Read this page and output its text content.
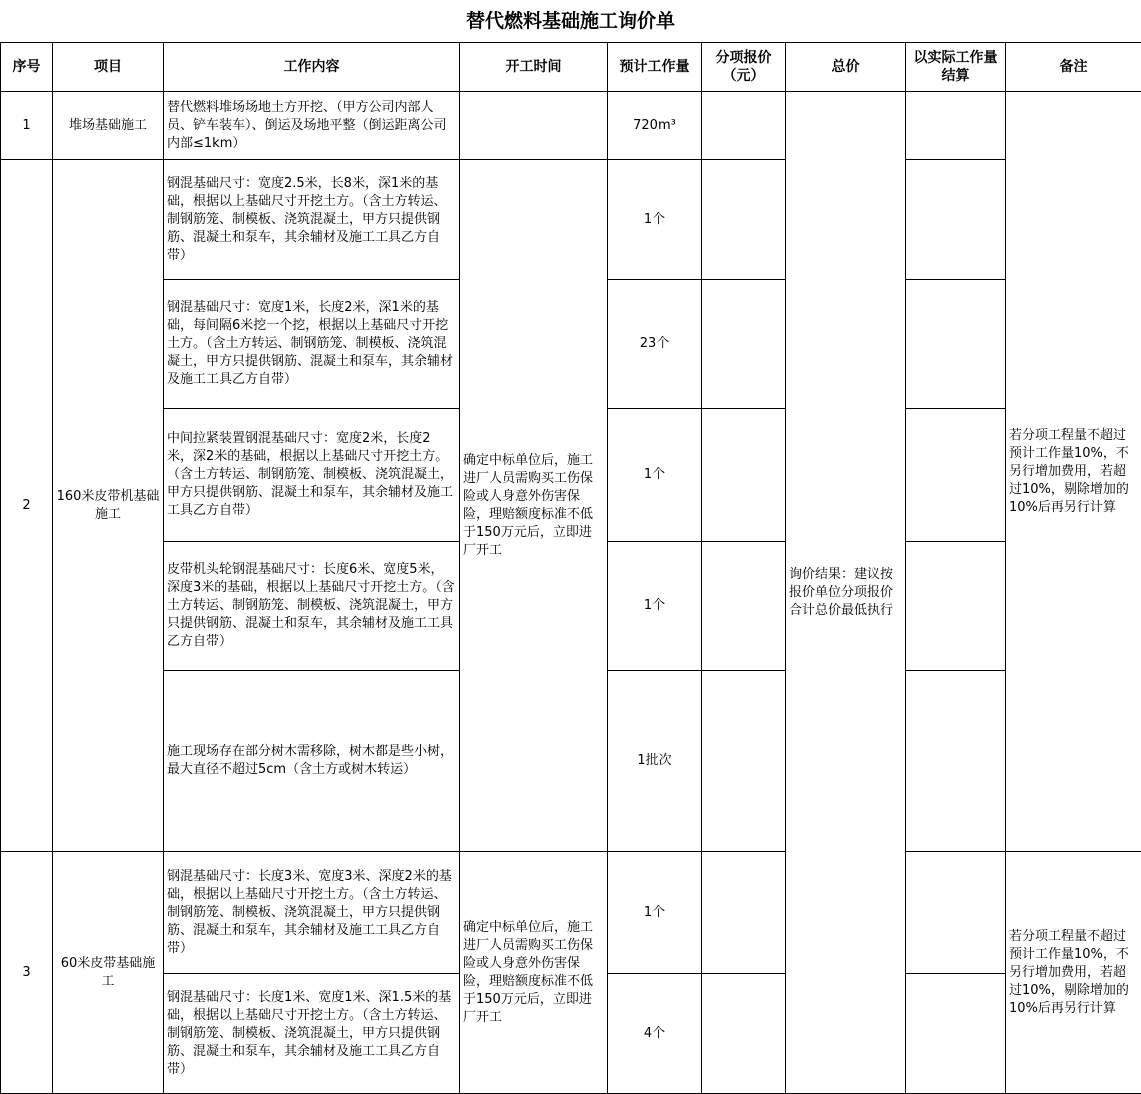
替代燃料基础施工询价单
序号	项目	工作内容	开工时间	预计工作量	分项报价（元）	总价	以实际工作量结算	备注	
1	堆场基础施工	替代燃料堆场场地土方开挖、（甲方公司内部人员、铲车装车）、倒运及场地平整（倒运距离公司内部≤1km）		720m³		询价结果：建议按报价单位分项报价合计总价最低执行		若分项工程量不超过预计工作量10%，不另行增加费用，若超过10%，剔除增加的10%后再另行计算	
2	160米皮带机基础施工	钢混基础尺寸：宽度2.5米，长8米，深1米的基础，根据以上基础尺寸开挖土方。（含土方转运、制钢筋笼、制模板、浇筑混凝土，甲方只提供钢筋、混凝土和泵车，其余辅材及施工工具乙方自带）	确定中标单位后，施工进厂人员需购买工伤保险或人身意外伤害保险，理赔额度标准不低于150万元后，立即进厂开工	1个					
		钢混基础尺寸：宽度1米，长度2米，深1米的基础，每间隔6米挖一个挖，根据以上基础尺寸开挖土方。（含土方转运、制钢筋笼、制模板、浇筑混凝土，甲方只提供钢筋、混凝土和泵车，其余辅材及施工工具乙方自带）		23个					
		中间拉紧装置钢混基础尺寸：宽度2米，长度2米，深2米的基础，根据以上基础尺寸开挖土方。（含土方转运、制钢筋笼、制模板、浇筑混凝土，甲方只提供钢筋、混凝土和泵车，其余辅材及施工工具乙方自带）		1个					
		皮带机头轮钢混基础尺寸：长度6米、宽度5米，深度3米的基础，根据以上基础尺寸开挖土方。（含土方转运、制钢筋笼、制模板、浇筑混凝土，甲方只提供钢筋、混凝土和泵车，其余辅材及施工工具乙方自带）		1个					
		施工现场存在部分树木需移除，树木都是些小树，最大直径不超过5cm（含土方或树木转运）		1批次			
3	60米皮带基础施工	钢混基础尺寸：长度3米、宽度3米、深度2米的基础，根据以上基础尺寸开挖土方。（含土方转运、制钢筋笼、制模板、浇筑混凝土，甲方只提供钢筋、混凝土和泵车，其余辅材及施工工具乙方自带）	确定中标单位后，施工进厂人员需购买工伤保险或人身意外伤害保险，理赔额度标准不低于150万元后，立即进厂开工	1个				若分项工程量不超过预计工作量10%，不另行增加费用，若超过10%，剔除增加的10%后再另行计算	
		钢混基础尺寸：长度1米、宽度1米、深1.5米的基础，根据以上基础尺寸开挖土方。（含土方转运、制钢筋笼、制模板、浇筑混凝土，甲方只提供钢筋、混凝土和泵车，其余辅材及施工工具乙方自带）		4个					
